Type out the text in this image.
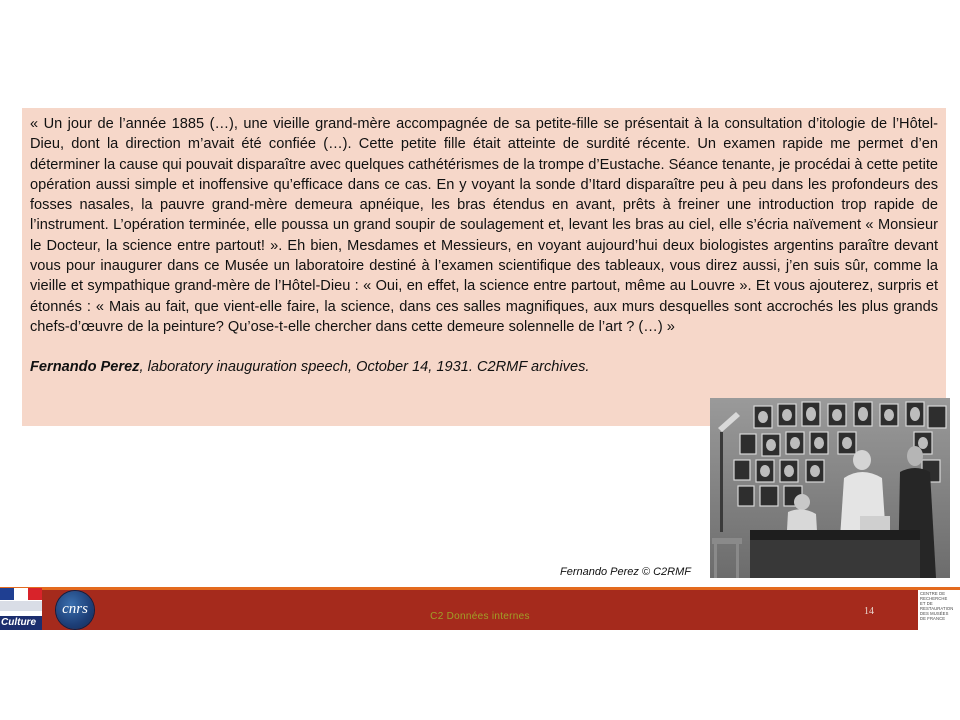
« Un jour de l’année 1885 (…), une vieille grand-mère accompagnée de sa petite-fille se présentait à la consultation d’itologie de l’Hôtel-Dieu, dont la direction m’avait été confiée (…). Cette petite fille était atteinte de surdité récente. Un examen rapide me permet d’en déterminer la cause qui pouvait disparaître avec quelques cathétérismes de la trompe d’Eustache. Séance tenante, je procédai à cette petite opération aussi simple et inoffensive qu’efficace dans ce cas. En y voyant la sonde d’Itard disparaître peu à peu dans les profondeurs des fosses nasales, la pauvre grand-mère demeura apnéique, les bras étendus en avant, prêts à freiner une introduction trop rapide de l’instrument. L’opération terminée, elle poussa un grand soupir de soulagement et, levant les bras au ciel, elle s’écria naïvement « Monsieur le Docteur, la science entre partout! ». Eh bien, Mesdames et Messieurs, en voyant aujourd’hui deux biologistes argentins paraître devant vous pour inaugurer dans ce Musée un laboratoire destiné à l’examen scientifique des tableaux, vous direz aussi, j’en suis sûr, comme la vieille et sympathique grand-mère de l’Hôtel-Dieu : « Oui, en effet, la science entre partout, même au Louvre ». Et vous ajouterez, surpris et étonnés : « Mais au fait, que vient-elle faire, la science, dans ces salles magnifiques, aux murs desquelles sont accrochés les plus grands chefs-d’œuvre de la peinture? Qu’ose-t-elle chercher dans cette demeure solennelle de l’art ? (…) »

Fernando Perez, laboratory inauguration speech, October 14, 1931. C2RMF archives.

Fernando Perez © C2RMF
C2 Données internes	14
Culture
cnrs
CENTRE DE
RECHERCHE
ET DE
RESTAURATION
DES MUSÉES
DE FRANCE
